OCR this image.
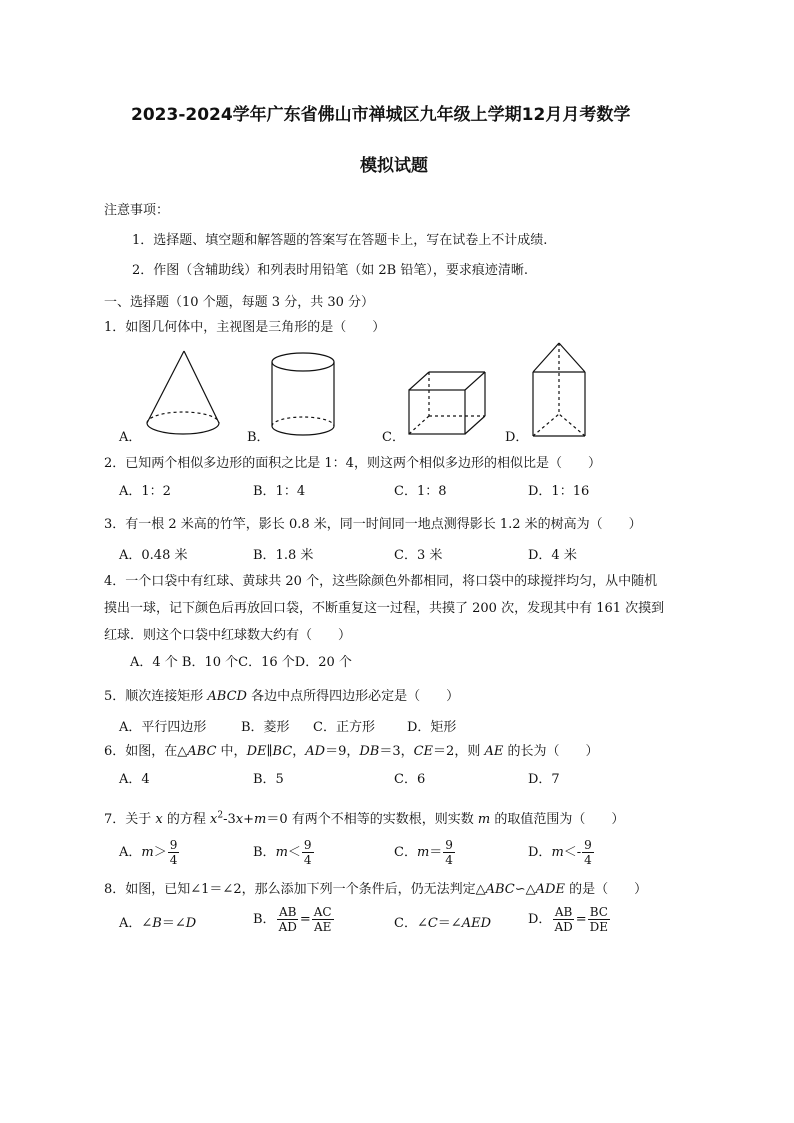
2023-2024学年广东省佛山市禅城区九年级上学期12月月考数学
模拟试题
注意事项：
1．选择题、填空题和解答题的答案写在答题卡上，写在试卷上不计成绩.
2．作图（含辅助线）和列表时用铅笔（如 2B 铅笔），要求痕迹清晰.
一、选择题（10 个题，每题 3 分，共 30 分）
1．如图几何体中，主视图是三角形的是（　　）
A．	B．	C．	D．
2．已知两个相似多边形的面积之比是 1：4，则这两个相似多边形的相似比是（　　）
A．1：2	B．1：4	C．1：8	D．1：16
3．有一根 2 米高的竹竿，影长 0.8 米，同一时间同一地点测得影长 1.2 米的树高为（　　）
A．0.48 米	B．1.8 米	C．3 米	D．4 米
4．一个口袋中有红球、黄球共 20 个，这些除颜色外都相同，将口袋中的球搅拌均匀，从中随机
摸出一球，记下颜色后再放回口袋，不断重复这一过程，共摸了 200 次，发现其中有 161 次摸到
红球．则这个口袋中红球数大约有（　　）
A．4 个 B．10 个C．16 个D．20 个
5．顺次连接矩形 ABCD 各边中点所得四边形必定是（　　）
A．平行四边形	B．菱形 C．正方形 D．矩形
6．如图，在△ABC 中，DE∥BC，AD＝9，DB＝3，CE＝2，则 AE 的长为（　　）
A．4	B．5	C．6	D．7
7．关于 x 的方程 $x^2-3x+m=0$ 有两个不相等的实数根，则实数 m 的取值范围为（　　）
A．$m> \frac{9}{4}$	B．$m< \frac{9}{4}$	C．$m= \frac{9}{4}$	D．$m<- \frac{9}{4}$
8．如图，已知∠1＝∠2，那么添加下列一个条件后，仍无法判定△ABC∽△ADE 的是（　　）
A．∠B＝∠D	B． $\frac{AB}{AD} = \frac{AC}{AE}$	C．∠C＝∠AED	D． $\frac{AB}{AD} = \frac{BC}{DE}$
